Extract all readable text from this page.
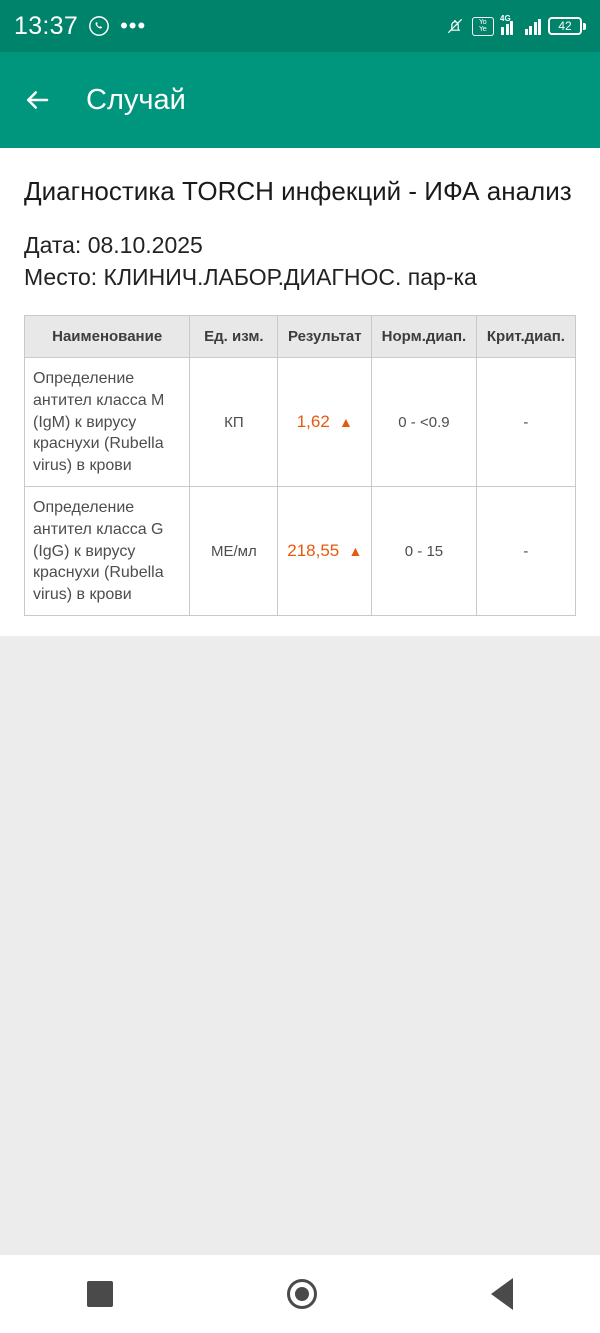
13:37 •••	Yo
Ye
4G
42
Случай
Диагностика TORCH инфекций - ИФА анализ
Дата: 08.10.2025
Место: КЛИНИЧ.ЛАБОР.ДИАГНОС. пар-ка
Наименование	Ед. изм.	Результат	Норм.диап.	Крит.диап.
Определение антител класса M (IgM) к вирусу краснухи (Rubella virus) в крови	КП	1,62 ▲	0 - <0.9	-
Определение антител класса G (IgG) к вирусу краснухи (Rubella virus) в крови	МЕ/мл	218,55 ▲	0 - 15	-
